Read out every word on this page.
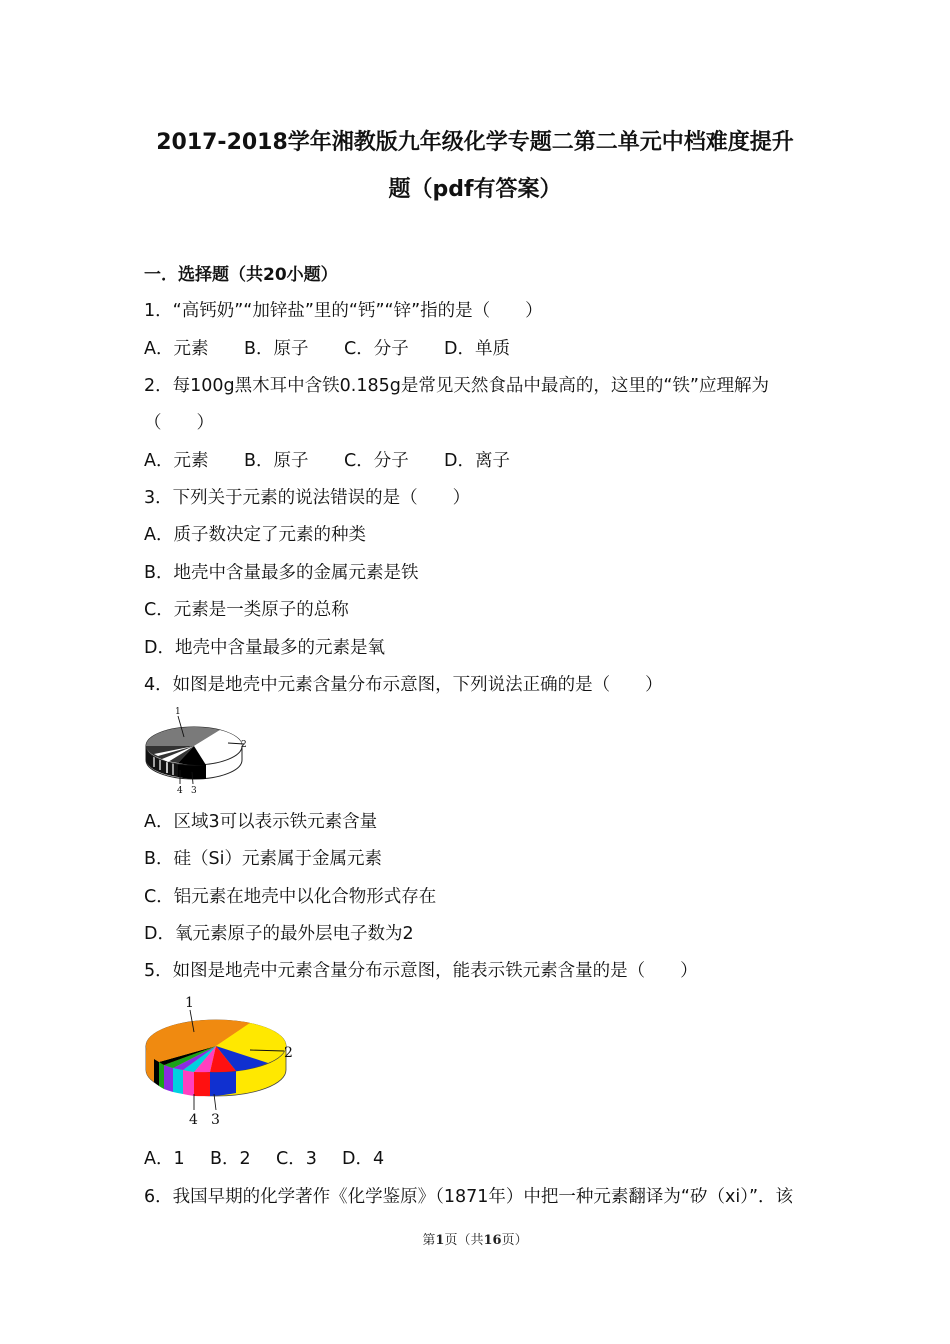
2017-2018学年湘教版九年级化学专题二第二单元中档难度提升
题（pdf有答案）
一．选择题（共20小题）
1．“高钙奶”“加锌盐”里的“钙”“锌”指的是（　　）
A．元素 B．原子 C．分子 D．单质
2．每100g黑木耳中含铁0.185g是常见天然食品中最高的，这里的“铁”应理解为
（　　）
A．元素 B．原子 C．分子 D．离子
3．下列关于元素的说法错误的是（　　）
A．质子数决定了元素的种类
B．地壳中含量最多的金属元素是铁
C．元素是一类原子的总称
D．地壳中含量最多的元素是氧
4．如图是地壳中元素含量分布示意图，下列说法正确的是（　　）
1
2
4 3
A．区域3可以表示铁元素含量
B．硅（Si）元素属于金属元素
C．铝元素在地壳中以化合物形式存在
D．氧元素原子的最外层电子数为2
5．如图是地壳中元素含量分布示意图，能表示铁元素含量的是（　　）
1
2
4 3
A．1 B．2 C．3 D．4
6．我国早期的化学著作《化学鉴原》（1871年）中把一种元素翻译为“矽（xi）”．该
第1页（共16页）
